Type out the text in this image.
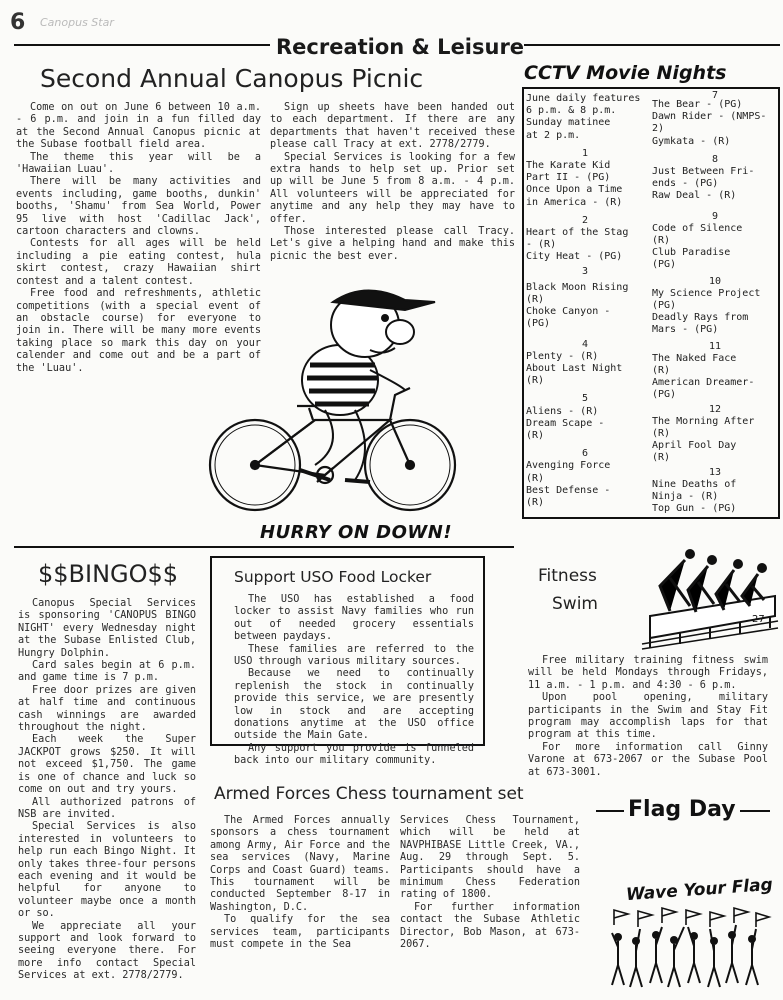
6 Canopus Star
Recreation & Leisure
Second Annual Canopus Picnic

Come on out on June 6 between 10 a.m. - 6 p.m. and join in a fun filled day at the Second Annual Canopus picnic at the Subase football field area.

The theme this year will be a 'Hawaiian Luau'.

There will be many activities and events including, game booths, dunkin' booths, 'Shamu' from Sea World, Power 95 live with host 'Cadillac Jack', cartoon characters and clowns.

Contests for all ages will be held including a pie eating contest, hula skirt contest, crazy Hawaiian shirt contest and a talent contest.

Free food and refreshments, athletic competitions (with a special event of an obstacle course) for everyone to join in. There will be many more events taking place so mark this day on your calender and come out and be a part of the 'Luau'.

Sign up sheets have been handed out to each department. If there are any departments that haven't received these please call Tracy at ext. 2778/2779.

Special Services is looking for a few extra hands to help set up. Prior set up will be June 5 from 8 a.m. - 4 p.m. All volunteers will be appreciated for anytime and any help they may have to offer.

Those interested please call Tracy. Let's give a helping hand and make this picnic the best ever.

HURRY ON DOWN!
CCTV Movie Nights
June daily features
6 p.m. & 8 p.m.
Sunday matinee
at 2 p.m.
1
The Karate Kid
Part II - (PG)
Once Upon a Time
in America - (R)
2
Heart of the Stag
- (R)
City Heat - (PG)
3
Black Moon Rising
(R)
Choke Canyon -
(PG)
4
Plenty - (R)
About Last Night
(R)
5
Aliens - (R)
Dream Scape -
(R)
6
Avenging Force
(R)
Best Defense -
(R)
7
The Bear - (PG)
Dawn Rider - (NMPS-
2)
Gymkata - (R)
8
Just Between Fri-
ends - (PG)
Raw Deal - (R)
9
Code of Silence
(R)
Club Paradise
(PG)
10
My Science Project
(PG)
Deadly Rays from
Mars - (PG)
11
The Naked Face
(R)
American Dreamer-
(PG)
12
The Morning After
(R)
April Fool Day
(R)
13
Nine Deaths of
Ninja - (R)
Top Gun - (PG)
$$BINGO$$

Canopus Special Services is sponsoring 'CANOPUS BINGO NIGHT' every Wednesday night at the Subase Enlisted Club, Hungry Dolphin.

Card sales begin at 6 p.m. and game time is 7 p.m.

Free door prizes are given at half time and continuous cash winnings are awarded throughout the night.

Each week the Super JACKPOT grows $250. It will not exceed $1,750. The game is one of chance and luck so come on out and try yours.

All authorized patrons of NSB are invited.

Special Services is also interested in volunteers to help run each Bingo Night. It only takes three-four persons each evening and it would be helpful for anyone to volunteer maybe once a month or so.

We appreciate all your support and look forward to seeing everyone there. For more info contact Special Services at ext. 2778/2779.

Support USO Food Locker

The USO has established a food locker to assist Navy families who run out of needed grocery essentials between paydays.

These families are referred to the USO through various military sources.

Because we need to continually replenish the stock in continually provide this service, we are presently low in stock and are accepting donations anytime at the USO office outside the Main Gate.

Any support you provide is funneled back into our military community.

Fitness
Swim
27

Free military training fitness swim will be held Mondays through Fridays, 11 a.m. - 1 p.m. and 4:30 - 6 p.m.

Upon pool opening, military participants in the Swim and Stay Fit program may accomplish laps for that program at this time.

For more information call Ginny Varone at 673-2067 or the Subase Pool at 673-3001.

Armed Forces Chess tournament set

The Armed Forces annually sponsors a chess tournament among Army, Air Force and the sea services (Navy, Marine Corps and Coast Guard) teams. This tournament will be conducted September 8-17 in Washington, D.C.

To qualify for the sea services team, participants must compete in the Sea

Services Chess Tournament, which will be held at NAVPHIBASE Little Creek, VA., Aug. 29 through Sept. 5. Participants should have a minimum Chess Federation rating of 1800.

For further information contact the Subase Athletic Director, Bob Mason, at 673-2067.

Flag Day
Wave Your Flag
